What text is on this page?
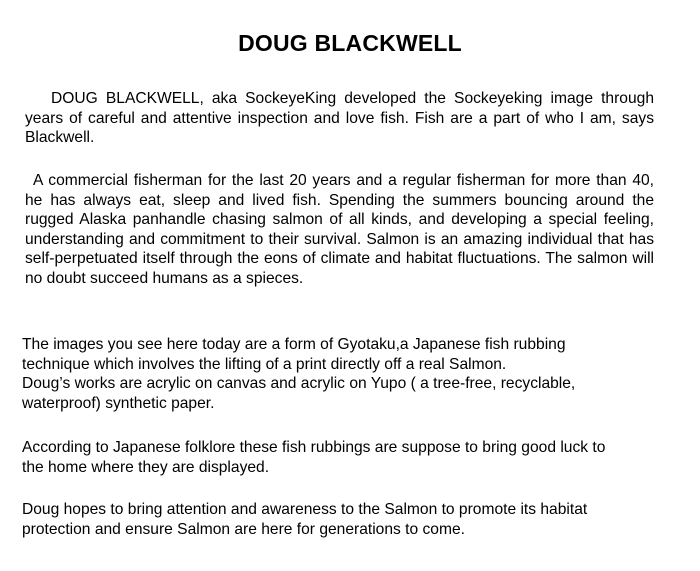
DOUG BLACKWELL

DOUG BLACKWELL, aka SockeyeKing developed the Sockeyeking image through years of careful and attentive inspection and love fish. Fish are a part of who I am, says Blackwell.

A commercial fisherman for the last 20 years and a regular fisherman for more than 40, he has always eat, sleep and lived fish. Spending the summers bouncing around the rugged Alaska panhandle chasing salmon of all kinds, and developing a special feeling, understanding and commitment to their survival. Salmon is an amazing individual that has self-perpetuated itself through the eons of climate and habitat fluctuations. The salmon will no doubt succeed humans as a spieces.

The images you see here today are a form of Gyotaku,a Japanese fish rubbing
technique which involves the lifting of a print directly off a real Salmon.
Doug’s works are acrylic on canvas and acrylic on Yupo ( a tree-free, recyclable,
waterproof) synthetic paper.
According to Japanese folklore these fish rubbings are suppose to bring good luck to
the home where they are displayed.
Doug hopes to bring attention and awareness to the Salmon to promote its habitat
protection and ensure Salmon are here for generations to come.
